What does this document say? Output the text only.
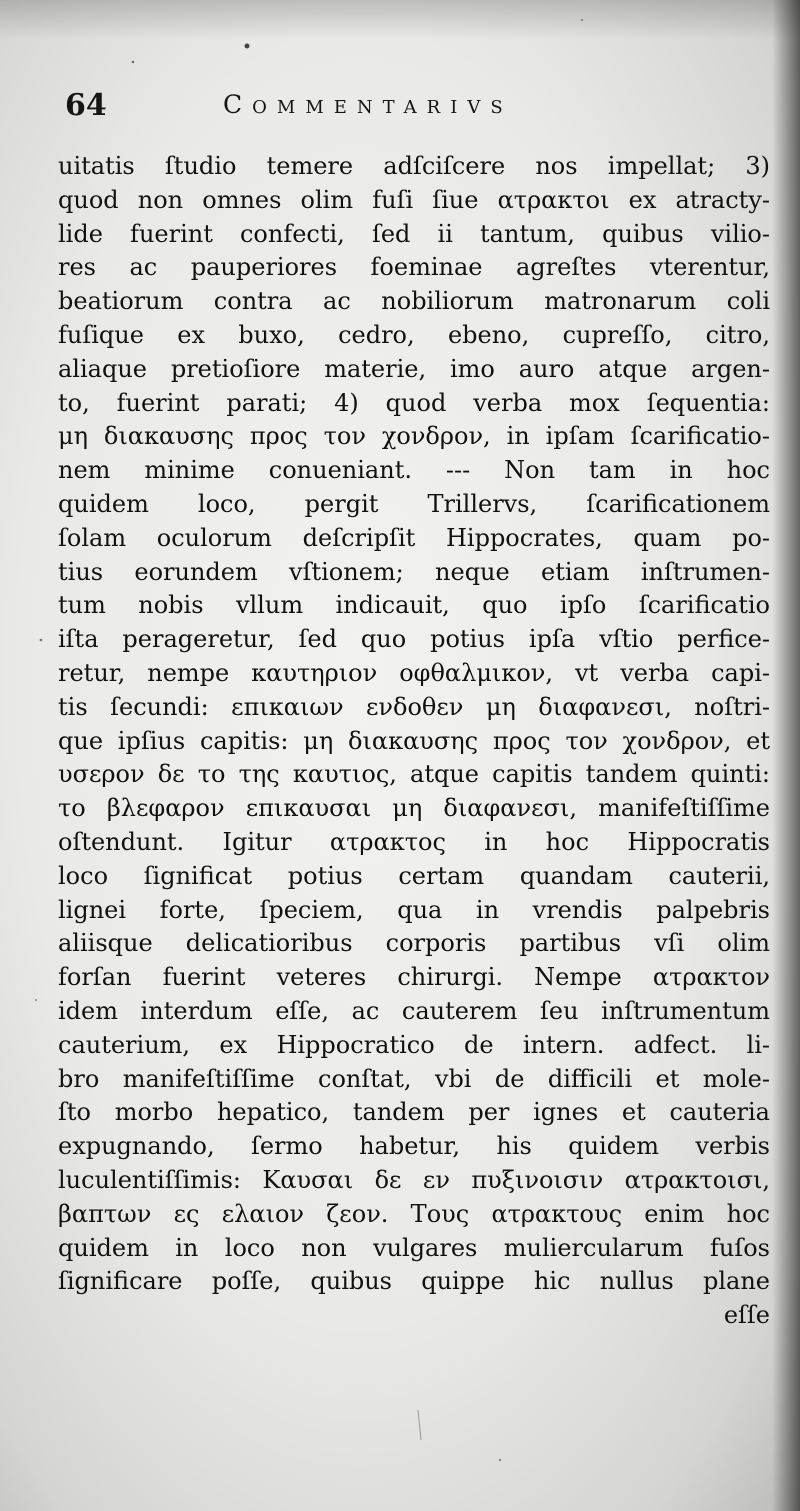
64	Commentarivs
uitatis ſtudio temere adſciſcere nos impellat; 3)
quod non omnes olim fuſi ſiue ατρακτοι ex atracty-
lide fuerint confecti, ſed ii tantum, quibus vilio-
res ac pauperiores foeminae agreſtes vterentur,
beatiorum contra ac nobiliorum matronarum coli
fuſique ex buxo, cedro, ebeno, cupreſſo, citro,
aliaque pretioſiore materie, imo auro atque argen-
to, fuerint parati; 4) quod verba mox ſequentia:
μη διακαυσης προς τον χονδρον, in ipſam ſcarificatio-
nem minime conueniant. --- Non tam in hoc
quidem loco, pergit Trillervs, ſcarificationem
ſolam oculorum deſcripſit Hippocrates, quam po-
tius eorundem vſtionem; neque etiam inſtrumen-
tum nobis vllum indicauit, quo ipſo ſcarificatio
iſta perageretur, ſed quo potius ipſa vſtio perfice-
retur, nempe καυτηριον οφθαλμικον, vt verba capi-
tis ſecundi: επικαιων ενδοθεν μη διαφανεσι, noſtri-
que ipſius capitis: μη διακαυσης προς τον χονδρον, et
υσερον δε το της καυτιος, atque capitis tandem quinti:
το βλεφαρον επικαυσαι μη διαφανεσι, manifeſtiſſime
oſtendunt. Igitur ατρακτος in hoc Hippocratis
loco ſignificat potius certam quandam cauterii,
lignei forte, ſpeciem, qua in vrendis palpebris
aliisque delicatioribus corporis partibus vſi olim
forſan fuerint veteres chirurgi. Nempe ατρακτον
idem interdum eſſe, ac cauterem ſeu inſtrumentum
cauterium, ex Hippocratico de intern. adfect. li-
bro manifeſtiſſime conſtat, vbi de difficili et mole-
ſto morbo hepatico, tandem per ignes et cauteria
expugnando, ſermo habetur, his quidem verbis
luculentiſſimis: Καυσαι δε εν πυξινοισιν ατρακτοισι,
βαπτων ες ελαιον ζεον. Τους ατρακτους enim hoc
quidem in loco non vulgares muliercularum fuſos
ſignificare poſſe, quibus quippe hic nullus plane
eſſe
